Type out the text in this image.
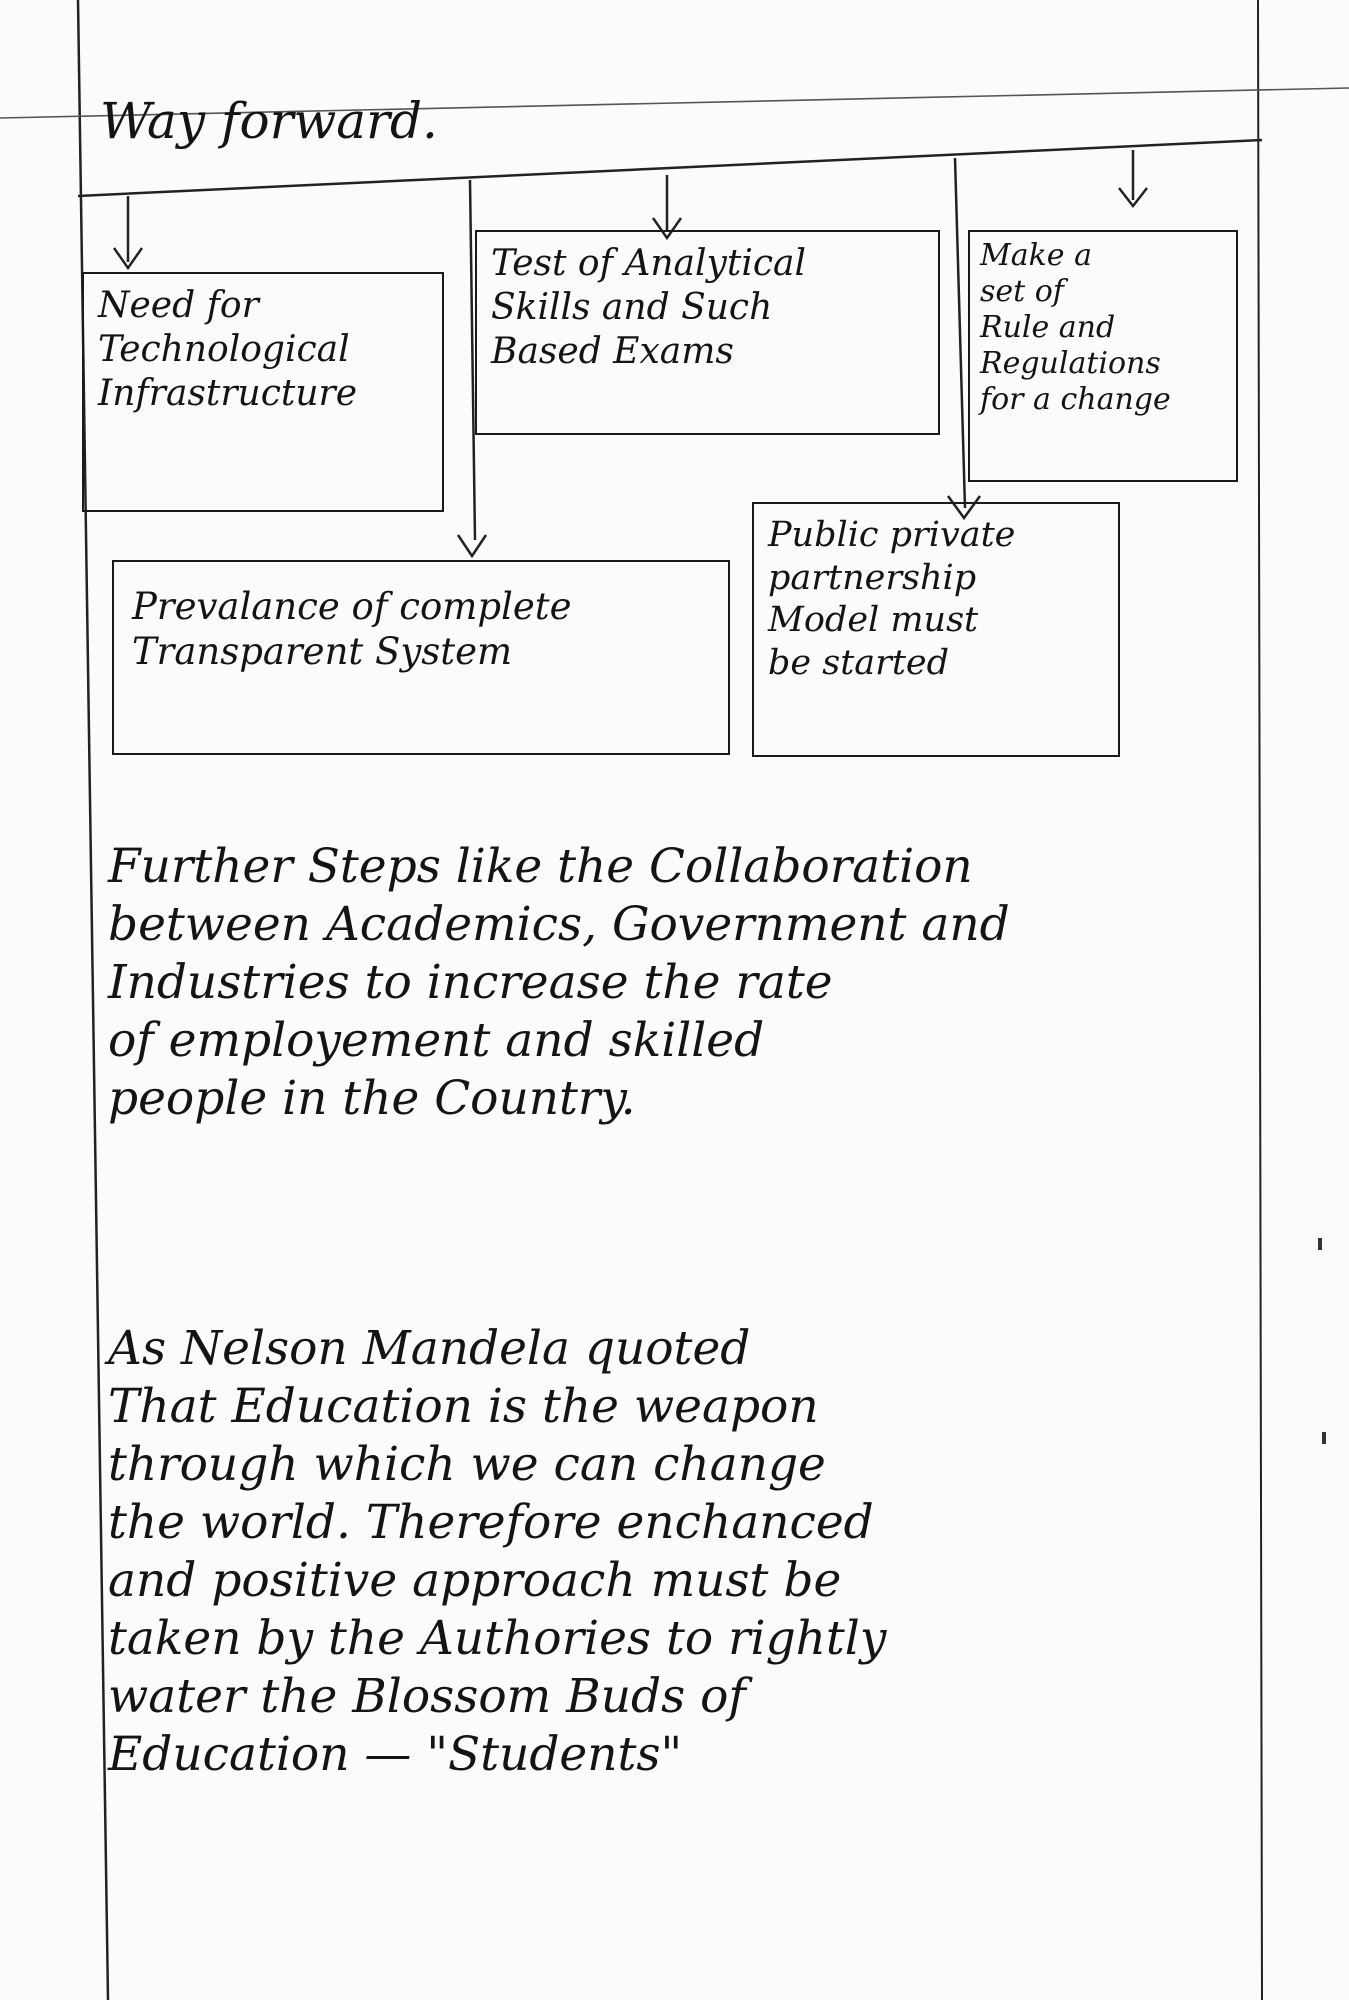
Way forward.
Need for
Technological
Infrastructure
Test of Analytical
Skills and Such
Based Exams
Make a
set of
Rule and
Regulations
for a change
Prevalance of complete
Transparent System
Public private
partnership
Model must
be started
Further Steps like the Collaboration
between Academics, Government and
Industries to increase the rate
of employement and skilled
people in the Country.
As Nelson Mandela quoted
That Education is the weapon
through which we can change
the world. Therefore enchanced
and positive approach must be
taken by the Authories to rightly
water the Blossom Buds of
Education — "Students"
